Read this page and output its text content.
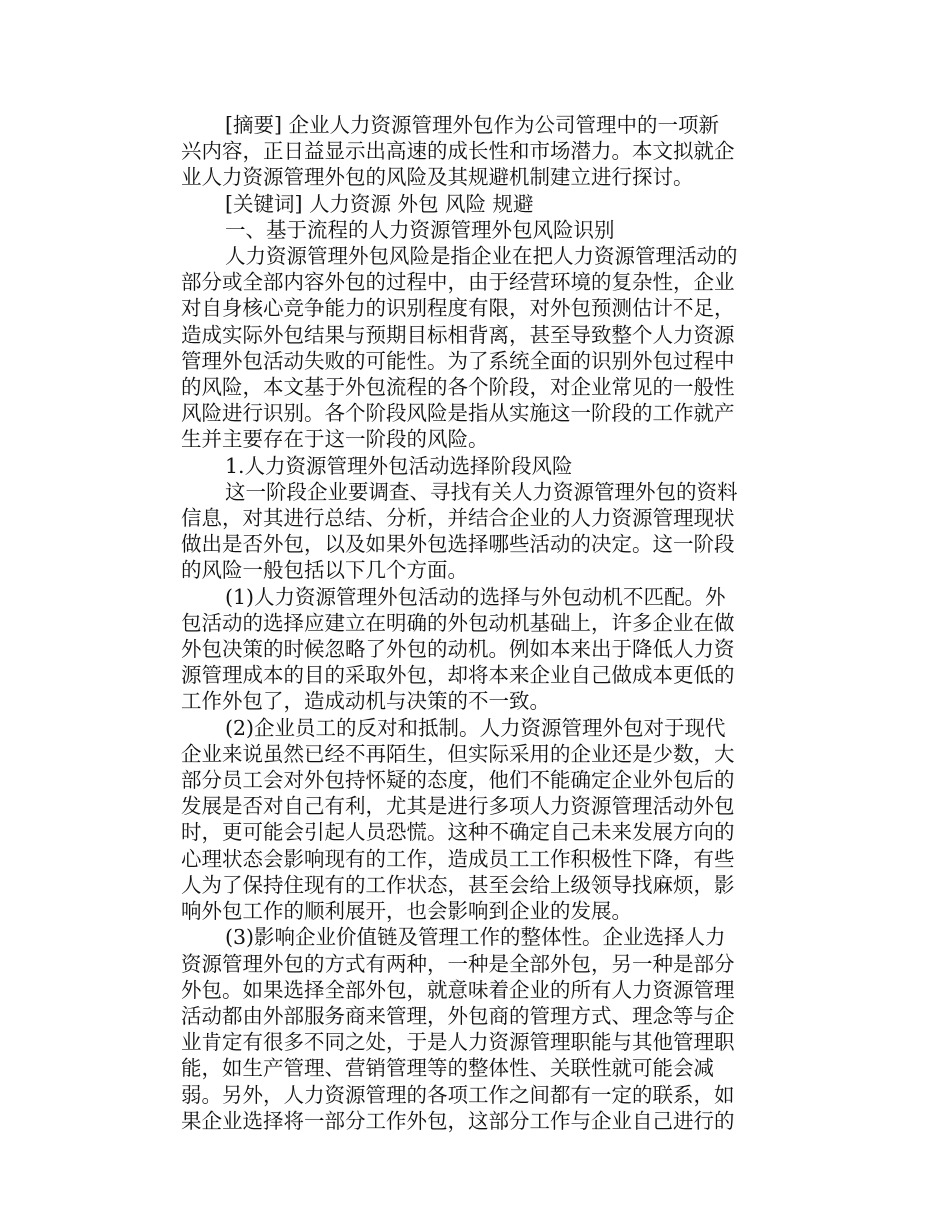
[摘要] 企业人力资源管理外包作为公司管理中的一项新
兴内容，正日益显示出高速的成长性和市场潜力。本文拟就企
业人力资源管理外包的风险及其规避机制建立进行探讨。
[关键词] 人力资源 外包 风险 规避
一、基于流程的人力资源管理外包风险识别
人力资源管理外包风险是指企业在把人力资源管理活动的
部分或全部内容外包的过程中，由于经营环境的复杂性，企业
对自身核心竞争能力的识别程度有限，对外包预测估计不足，
造成实际外包结果与预期目标相背离，甚至导致整个人力资源
管理外包活动失败的可能性。为了系统全面的识别外包过程中
的风险，本文基于外包流程的各个阶段，对企业常见的一般性
风险进行识别。各个阶段风险是指从实施这一阶段的工作就产
生并主要存在于这一阶段的风险。
1.人力资源管理外包活动选择阶段风险
这一阶段企业要调查、寻找有关人力资源管理外包的资料
信息，对其进行总结、分析，并结合企业的人力资源管理现状
做出是否外包，以及如果外包选择哪些活动的决定。这一阶段
的风险一般包括以下几个方面。
(1)人力资源管理外包活动的选择与外包动机不匹配。外
包活动的选择应建立在明确的外包动机基础上，许多企业在做
外包决策的时候忽略了外包的动机。例如本来出于降低人力资
源管理成本的目的采取外包，却将本来企业自己做成本更低的
工作外包了，造成动机与决策的不一致。
(2)企业员工的反对和抵制。人力资源管理外包对于现代
企业来说虽然已经不再陌生，但实际采用的企业还是少数，大
部分员工会对外包持怀疑的态度，他们不能确定企业外包后的
发展是否对自己有利，尤其是进行多项人力资源管理活动外包
时，更可能会引起人员恐慌。这种不确定自己未来发展方向的
心理状态会影响现有的工作，造成员工工作积极性下降，有些
人为了保持住现有的工作状态，甚至会给上级领导找麻烦，影
响外包工作的顺利展开，也会影响到企业的发展。
(3)影响企业价值链及管理工作的整体性。企业选择人力
资源管理外包的方式有两种，一种是全部外包，另一种是部分
外包。如果选择全部外包，就意味着企业的所有人力资源管理
活动都由外部服务商来管理，外包商的管理方式、理念等与企
业肯定有很多不同之处，于是人力资源管理职能与其他管理职
能，如生产管理、营销管理等的整体性、关联性就可能会减
弱。另外，人力资源管理的各项工作之间都有一定的联系，如
果企业选择将一部分工作外包，这部分工作与企业自己进行的
